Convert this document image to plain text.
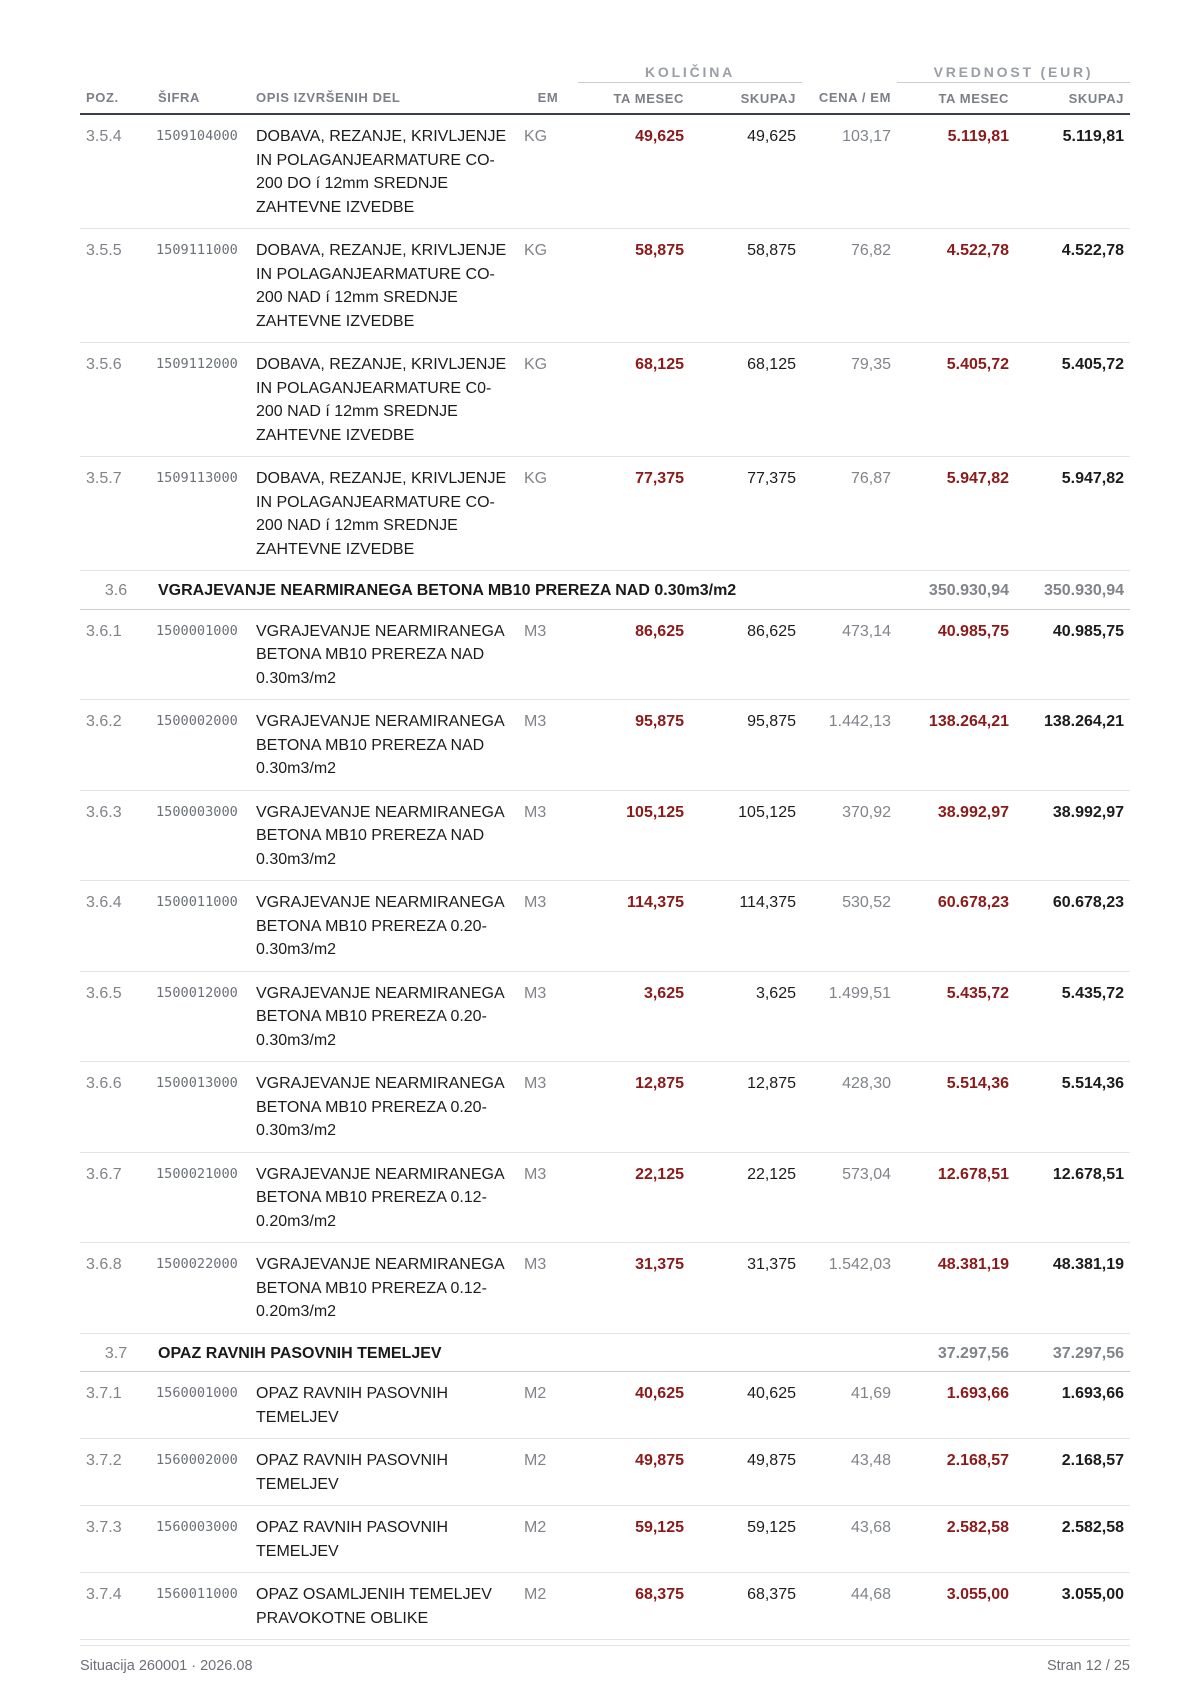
				KOLIČINA			VREDNOST (EUR)	
POZ.	ŠIFRA	OPIS IZVRŠENIH DEL	EM	TA MESEC	SKUPAJ	CENA / EM	TA MESEC	SKUPAJ
3.5.4	1509104000	DOBAVA, REZANJE, KRIVLJENJE IN POLAGANJEARMATURE CO-200 DO í 12mm SREDNJE ZAHTEVNE IZVEDBE	KG	49,625	49,625	103,17	5.119,81	5.119,81
3.5.5	1509111000	DOBAVA, REZANJE, KRIVLJENJE IN POLAGANJEARMATURE CO-200 NAD í 12mm SREDNJE ZAHTEVNE IZVEDBE	KG	58,875	58,875	76,82	4.522,78	4.522,78
3.5.6	1509112000	DOBAVA, REZANJE, KRIVLJENJE IN POLAGANJEARMATURE C0-200 NAD í 12mm SREDNJE ZAHTEVNE IZVEDBE	KG	68,125	68,125	79,35	5.405,72	5.405,72
3.5.7	1509113000	DOBAVA, REZANJE, KRIVLJENJE IN POLAGANJEARMATURE CO-200 NAD í 12mm SREDNJE ZAHTEVNE IZVEDBE	KG	77,375	77,375	76,87	5.947,82	5.947,82
3.6	VGRAJEVANJE NEARMIRANEGA BETONA MB10 PREREZA NAD 0.30m3/m2						350.930,94	350.930,94
3.6.1	1500001000	VGRAJEVANJE NEARMIRANEGA BETONA MB10 PREREZA NAD 0.30m3/m2	M3	86,625	86,625	473,14	40.985,75	40.985,75
3.6.2	1500002000	VGRAJEVANJE NERAMIRANEGA BETONA MB10 PREREZA NAD 0.30m3/m2	M3	95,875	95,875	1.442,13	138.264,21	138.264,21
3.6.3	1500003000	VGRAJEVANJE NEARMIRANEGA BETONA MB10 PREREZA NAD 0.30m3/m2	M3	105,125	105,125	370,92	38.992,97	38.992,97
3.6.4	1500011000	VGRAJEVANJE NEARMIRANEGA BETONA MB10 PREREZA 0.20-0.30m3/m2	M3	114,375	114,375	530,52	60.678,23	60.678,23
3.6.5	1500012000	VGRAJEVANJE NEARMIRANEGA BETONA MB10 PREREZA 0.20-0.30m3/m2	M3	3,625	3,625	1.499,51	5.435,72	5.435,72
3.6.6	1500013000	VGRAJEVANJE NEARMIRANEGA BETONA MB10 PREREZA 0.20-0.30m3/m2	M3	12,875	12,875	428,30	5.514,36	5.514,36
3.6.7	1500021000	VGRAJEVANJE NEARMIRANEGA BETONA MB10 PREREZA 0.12-0.20m3/m2	M3	22,125	22,125	573,04	12.678,51	12.678,51
3.6.8	1500022000	VGRAJEVANJE NEARMIRANEGA BETONA MB10 PREREZA 0.12-0.20m3/m2	M3	31,375	31,375	1.542,03	48.381,19	48.381,19
3.7	OPAZ RAVNIH PASOVNIH TEMELJEV						37.297,56	37.297,56
3.7.1	1560001000	OPAZ RAVNIH PASOVNIH TEMELJEV	M2	40,625	40,625	41,69	1.693,66	1.693,66
3.7.2	1560002000	OPAZ RAVNIH PASOVNIH TEMELJEV	M2	49,875	49,875	43,48	2.168,57	2.168,57
3.7.3	1560003000	OPAZ RAVNIH PASOVNIH TEMELJEV	M2	59,125	59,125	43,68	2.582,58	2.582,58
3.7.4	1560011000	OPAZ OSAMLJENIH TEMELJEV PRAVOKOTNE OBLIKE	M2	68,375	68,375	44,68	3.055,00	3.055,00
Situacija 260001 · 2026.08	Stran 12 / 25
